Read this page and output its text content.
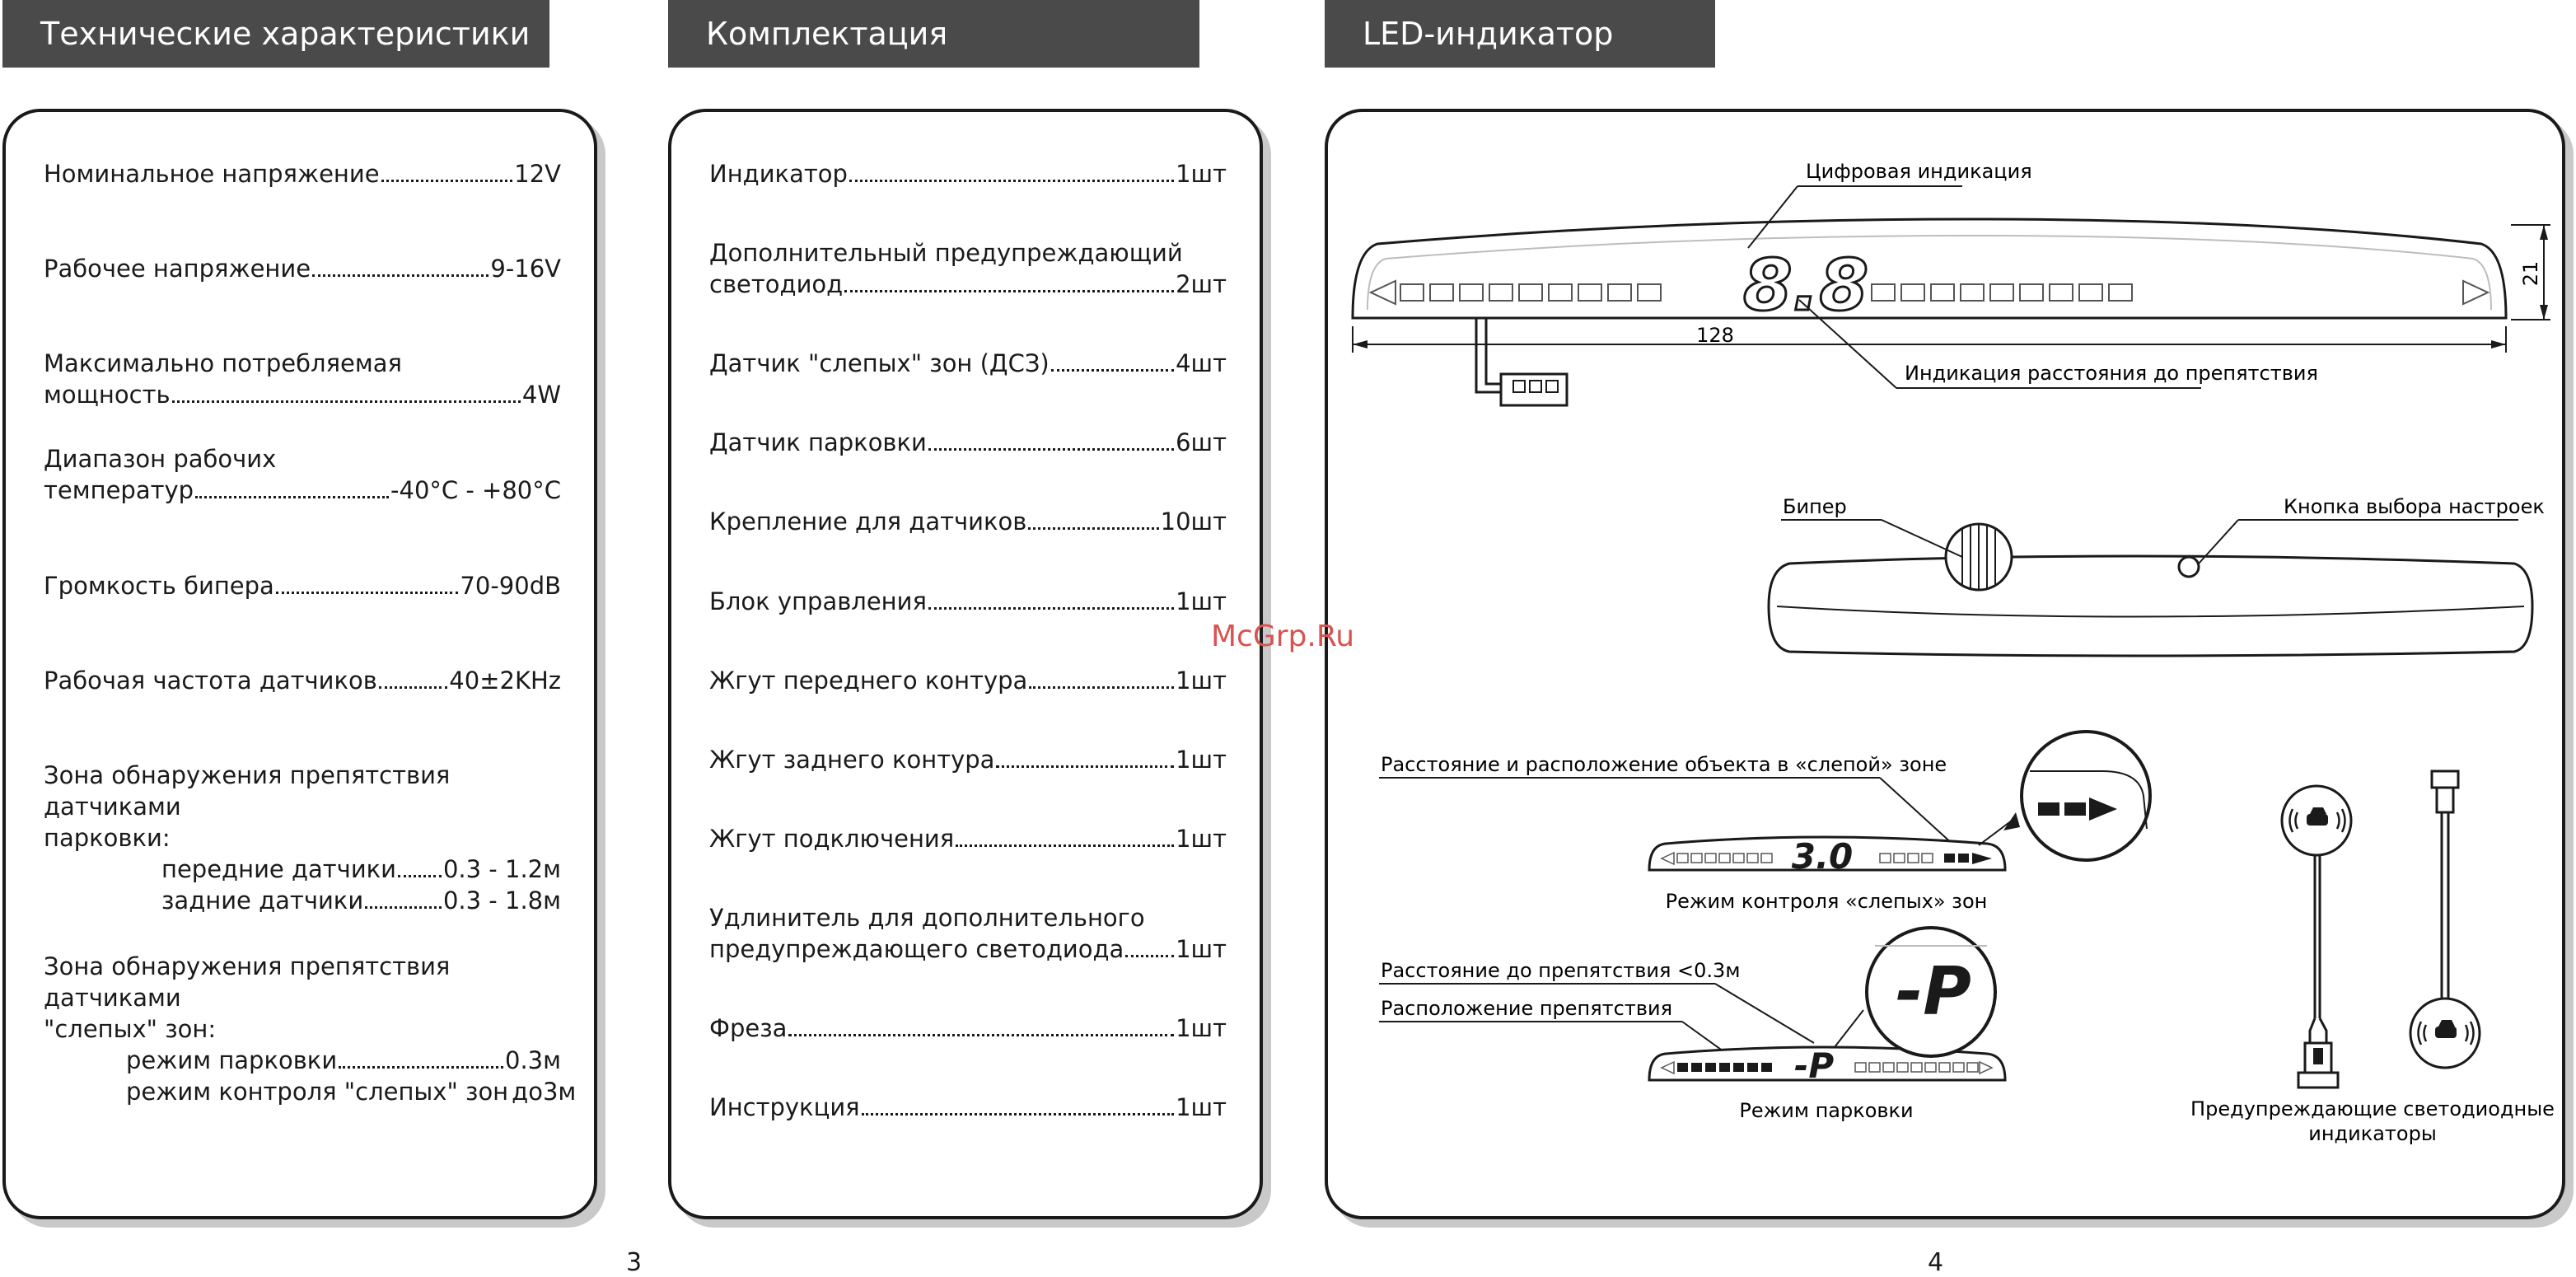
Технические характеристики	Комплектация	LED-индикатор
Номинальное напряжение	12V
Рабочее напряжение	9-16V
Максимально потребляемая
мощность	4W
Диапазон рабочих
температур	-40°C - +80°C
Громкость бипера	70-90dB
Рабочая частота датчиков	40±2KHz
Зона обнаружения препятствия датчиками
парковки:
передние датчики 0.3 - 1.2м
задние датчики	0.3 - 1.8м
Зона обнаружения препятствия датчиками
"слепых" зон:
режим парковки	0.3м
режим контроля "слепых" зон до3м
Индикатор	1шт
Дополнительный предупреждающий
светодиод	2шт
Датчик "слепых" зон (ДСЗ)	4шт
Датчик парковки	6шт
Крепление для датчиков	10шт
Блок управления	1шт
Жгут переднего контура	1шт
Жгут заднего контура	1шт
Жгут подключения	1шт
Удлинитель для дополнительного
предупреждающего светодиода 1шт
Фреза	1шт
Инструкция	1шт
8.8
128
21
Цифровая индикация
Индикация расстояния до препятствия
Бипер	Кнопка выбора настроек
Расстояние и расположение объекта в «слепой» зоне
3.0
Режим контроля «слепых» зон
Расстояние до препятствия <0.3м
Расположение препятствия
-P
-P
Режим парковки	Предупреждающие светодиодные
индикаторы
McGrp.Ru
3	4
